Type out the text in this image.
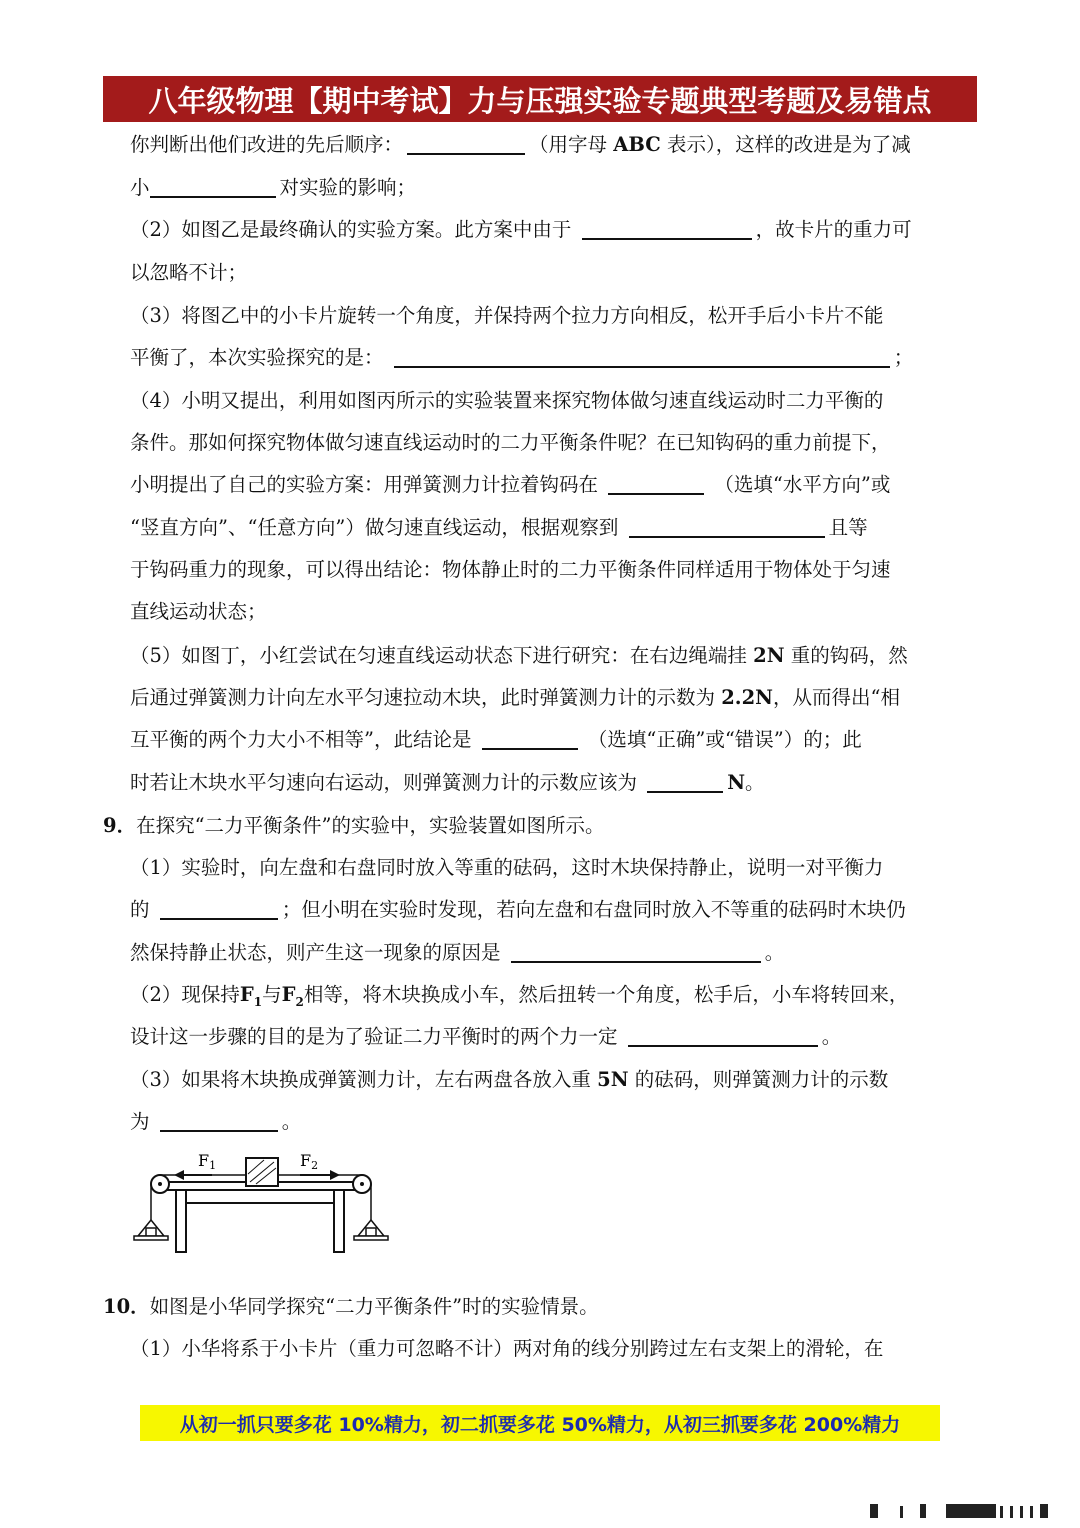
八年级物理【期中考试】力与压强实验专题典型考题及易错点
你判断出他们改进的先后顺序：	（用字母 ABC 表示），这样的改进是为了减
小	对实验的影响；
（2）如图乙是最终确认的实验方案。此方案中由于	，故卡片的重力可
以忽略不计；
（3）将图乙中的小卡片旋转一个角度，并保持两个拉力方向相反，松开手后小卡片不能
平衡了，本次实验探究的是：	；
（4）小明又提出，利用如图丙所示的实验装置来探究物体做匀速直线运动时二力平衡的
条件。那如何探究物体做匀速直线运动时的二力平衡条件呢？在已知钩码的重力前提下，
小明提出了自己的实验方案：用弹簧测力计拉着钩码在	（选填“水平方向”或
“竖直方向”、“任意方向”）做匀速直线运动，根据观察到	且等
于钩码重力的现象，可以得出结论：物体静止时的二力平衡条件同样适用于物体处于匀速
直线运动状态；
（5）如图丁，小红尝试在匀速直线运动状态下进行研究：在右边绳端挂 2N 重的钩码，然
后通过弹簧测力计向左水平匀速拉动木块，此时弹簧测力计的示数为 2.2N，从而得出“相
互平衡的两个力大小不相等”，此结论是	（选填“正确”或“错误”）的；此
时若让木块水平匀速向右运动，则弹簧测力计的示数应该为	N。
9．在探究“二力平衡条件”的实验中，实验装置如图所示。
（1）实验时，向左盘和右盘同时放入等重的砝码，这时木块保持静止，说明一对平衡力
的	；但小明在实验时发现，若向左盘和右盘同时放入不等重的砝码时木块仍
然保持静止状态，则产生这一现象的原因是	。
（2）现保持$F_1$与$F_2$相等，将木块换成小车，然后扭转一个角度，松手后，小车将转回来，
设计这一步骤的目的是为了验证二力平衡时的两个力一定	。
（3）如果将木块换成弹簧测力计，左右两盘各放入重 5N 的砝码，则弹簧测力计的示数
为	。
F1	F2
10．如图是小华同学探究“二力平衡条件”时的实验情景。
（1）小华将系于小卡片（重力可忽略不计）两对角的线分别跨过左右支架上的滑轮，在
从初一抓只要多花 10%精力，初二抓要多花 50%精力，从初三抓要多花 200%精力
